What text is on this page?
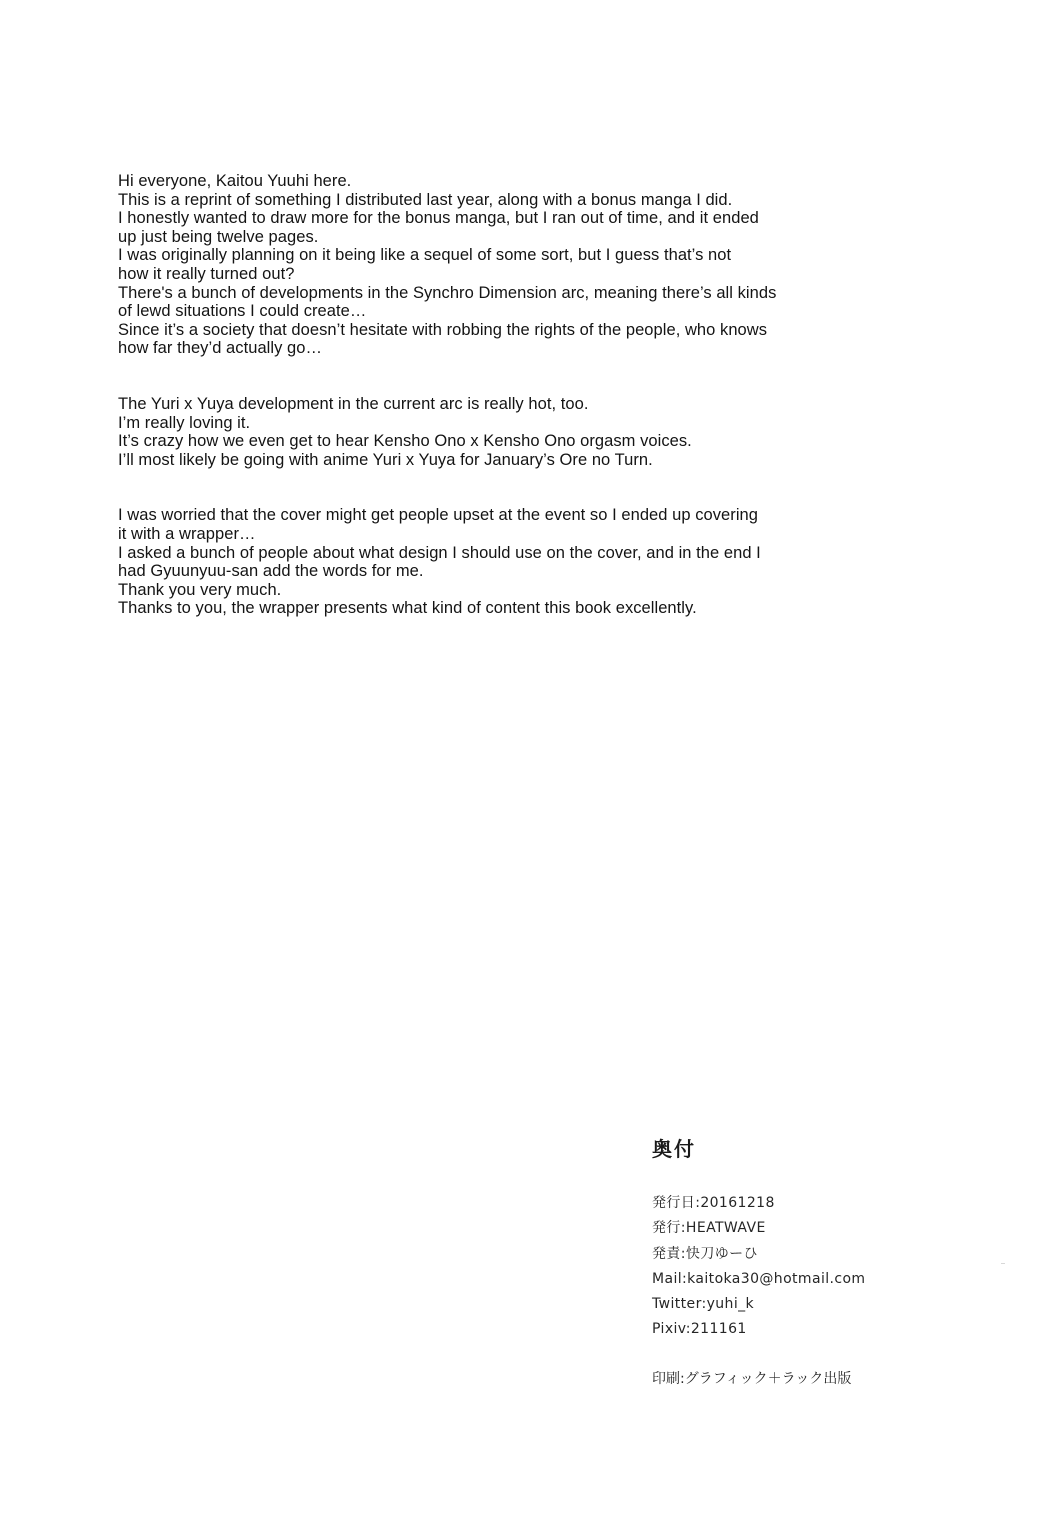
Hi everyone, Kaitou Yuuhi here.
This is a reprint of something I distributed last year, along with a bonus manga I did.
I honestly wanted to draw more for the bonus manga, but I ran out of time, and it ended
up just being twelve pages.
I was originally planning on it being like a sequel of some sort, but I guess that’s not
how it really turned out?
There's a bunch of developments in the Synchro Dimension arc, meaning there’s all kinds
of lewd situations I could create…
Since it’s a society that doesn’t hesitate with robbing the rights of the people, who knows
how far they’d actually go…

The Yuri x Yuya development in the current arc is really hot, too.
I’m really loving it.
It’s crazy how we even get to hear Kensho Ono x Kensho Ono orgasm voices.
I’ll most likely be going with anime Yuri x Yuya for January’s Ore no Turn.

I was worried that the cover might get people upset at the event so I ended up covering
it with a wrapper…
I asked a bunch of people about what design I should use on the cover, and in the end I
had Gyuunyuu-san add the words for me.
Thank you very much.
Thanks to you, the wrapper presents what kind of content this book excellently.

奥付
発行日:20161218
発行:HEATWAVE
発責:快刀ゆーひ
Mail:kaitoka30@hotmail.com
Twitter:yuhi_k
Pixiv:211161
印刷:グラフィック＋ラック出版
